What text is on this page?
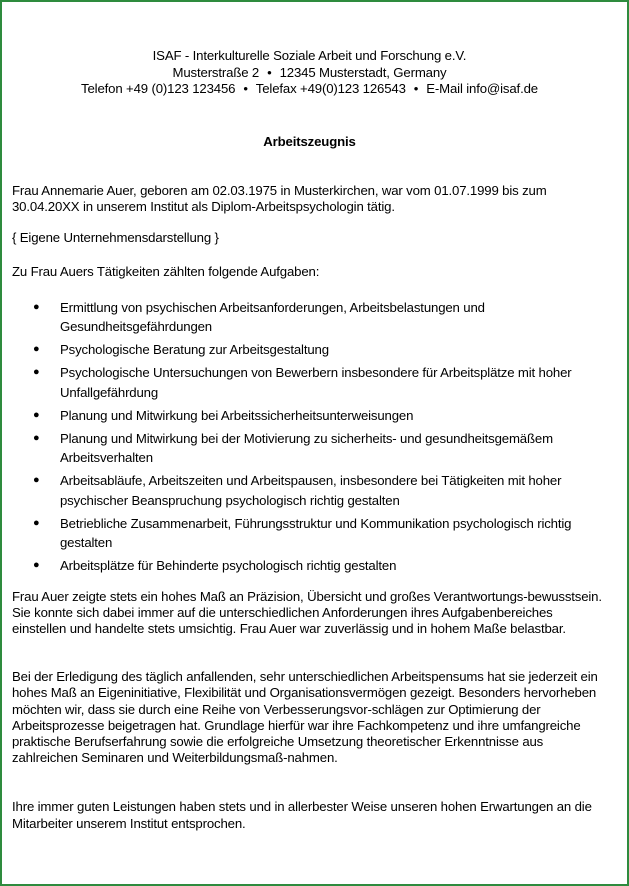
ISAF - Interkulturelle Soziale Arbeit und Forschung e.V.
Musterstraße 2 • 12345 Musterstadt, Germany
Telefon +49 (0)123 123456 • Telefax +49(0)123 126543 • E-Mail info@isaf.de
Arbeitszeugnis

Frau Annemarie Auer, geboren am 02.03.1975 in Musterkirchen, war vom 01.07.1999 bis zum 30.04.20XX in unserem Institut als Diplom-Arbeitspsychologin tätig.

{ Eigene Unternehmensdarstellung }

Zu Frau Auers Tätigkeiten zählten folgende Aufgaben:

● Ermittlung von psychischen Arbeitsanforderungen, Arbeitsbelastungen und Gesundheitsgefährdungen
● Psychologische Beratung zur Arbeitsgestaltung
● Psychologische Untersuchungen von Bewerbern insbesondere für Arbeitsplätze mit hoher Unfallgefährdung
● Planung und Mitwirkung bei Arbeitssicherheitsunterweisungen
● Planung und Mitwirkung bei der Motivierung zu sicherheits- und gesundheitsgemäßem Arbeitsverhalten
● Arbeitsabläufe, Arbeitszeiten und Arbeitspausen, insbesondere bei Tätigkeiten mit hoher psychischer Beanspruchung psychologisch richtig gestalten
● Betriebliche Zusammenarbeit, Führungsstruktur und Kommunikation psychologisch richtig gestalten
● Arbeitsplätze für Behinderte psychologisch richtig gestalten

Frau Auer zeigte stets ein hohes Maß an Präzision, Übersicht und großes Verantwortungs-bewusstsein. Sie konnte sich dabei immer auf die unterschiedlichen Anforderungen ihres Aufgabenbereiches einstellen und handelte stets umsichtig. Frau Auer war zuverlässig und in hohem Maße belastbar.

Bei der Erledigung des täglich anfallenden, sehr unterschiedlichen Arbeitspensums hat sie jederzeit ein hohes Maß an Eigeninitiative, Flexibilität und Organisationsvermögen gezeigt. Besonders hervorheben möchten wir, dass sie durch eine Reihe von Verbesserungsvor-schlägen zur Optimierung der Arbeitsprozesse beigetragen hat. Grundlage hierfür war ihre Fachkompetenz und ihre umfangreiche praktische Berufserfahrung sowie die erfolgreiche Umsetzung theoretischer Erkenntnisse aus zahlreichen Seminaren und Weiterbildungsmaß-nahmen.

Ihre immer guten Leistungen haben stets und in allerbester Weise unseren hohen Erwartungen an die Mitarbeiter unserem Institut entsprochen.
